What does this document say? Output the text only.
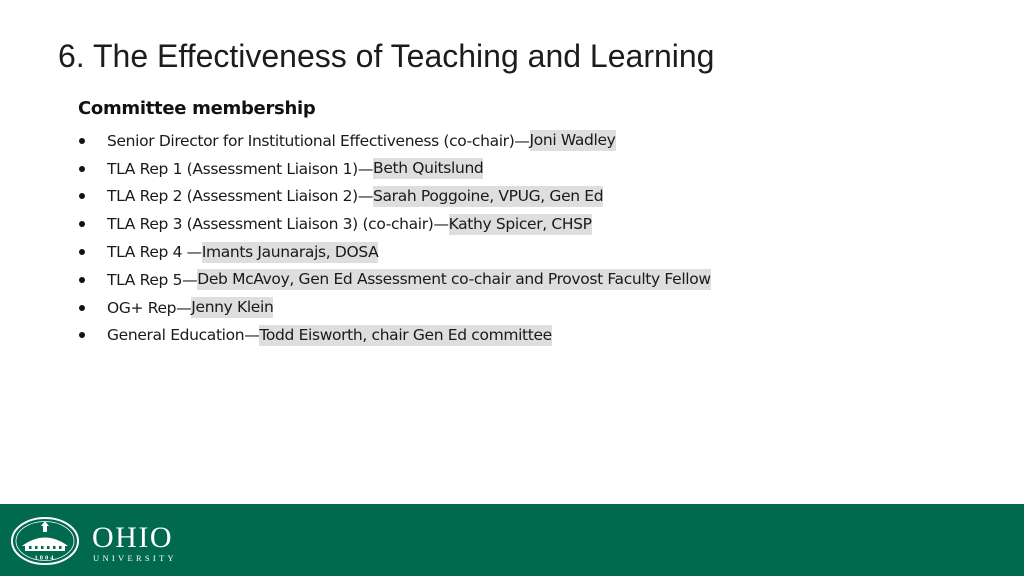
6. The Effectiveness of Teaching and Learning
Committee membership
Senior Director for Institutional Effectiveness (co-chair)— Joni Wadley
TLA Rep 1 (Assessment Liaison 1)— Beth Quitslund
TLA Rep 2 (Assessment Liaison 2)— Sarah Poggoine, VPUG, Gen Ed
TLA Rep 3 (Assessment Liaison 3) (co-chair)— Kathy Spicer, CHSP
TLA Rep 4 — Imants Jaunarajs, DOSA
TLA Rep 5— Deb McAvoy, Gen Ed Assessment co-chair and Provost Faculty Fellow
OG+ Rep— Jenny Klein
General Education— Todd Eisworth, chair Gen Ed committee
1804
OHIO
UNIVERSITY
